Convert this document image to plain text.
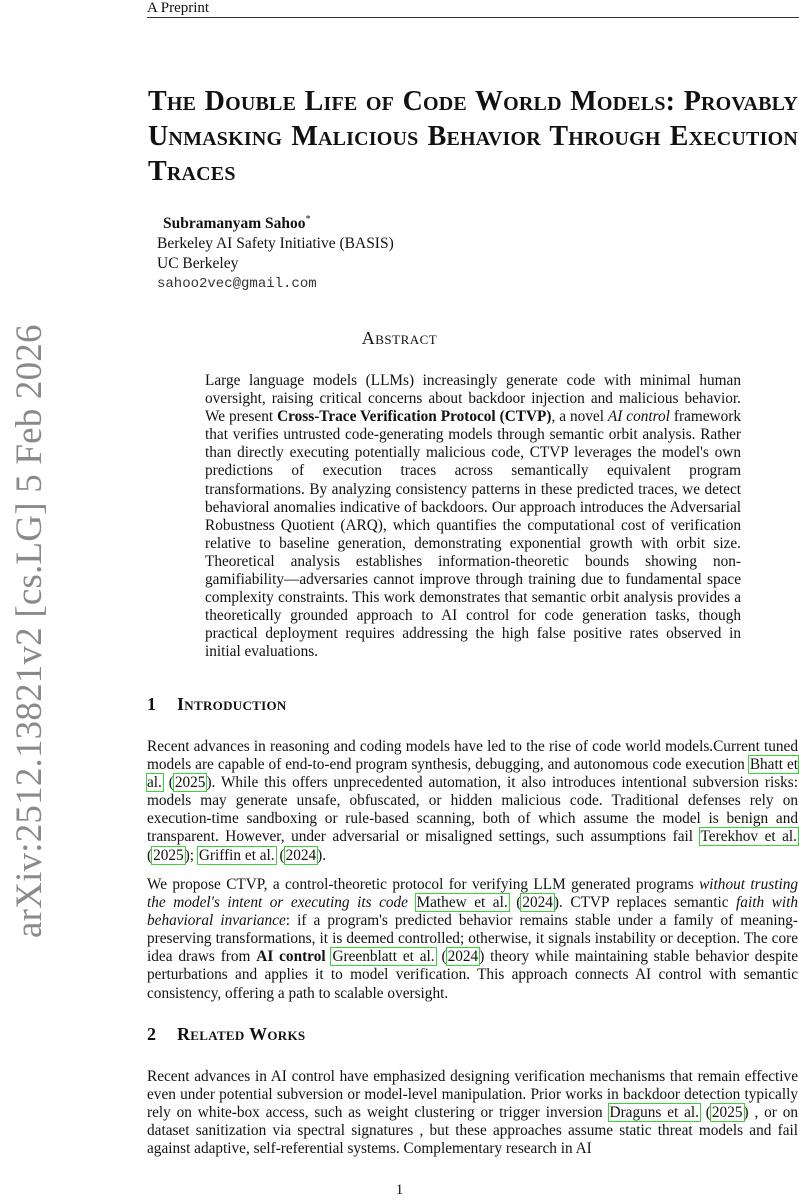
A Preprint
arXiv:2512.13821v2 [cs.LG] 5 Feb 2026
The Double Life of Code World Models: Provably Unmasking Malicious Behavior Through Execution Traces
Subramanyam Sahoo*
Berkeley AI Safety Initiative (BASIS)
UC Berkeley
sahoo2vec@gmail.com
Abstract
Large language models (LLMs) increasingly generate code with minimal human oversight, raising critical concerns about backdoor injection and malicious behavior. We present Cross-Trace Verification Protocol (CTVP), a novel AI control framework that verifies untrusted code-generating models through semantic orbit analysis. Rather than directly executing potentially malicious code, CTVP leverages the model's own predictions of execution traces across semantically equivalent program transformations. By analyzing consistency patterns in these predicted traces, we detect behavioral anomalies indicative of backdoors. Our approach introduces the Adversarial Robustness Quotient (ARQ), which quantifies the computational cost of verification relative to baseline generation, demonstrating exponential growth with orbit size. Theoretical analysis establishes information-theoretic bounds showing non-gamifiability—adversaries cannot improve through training due to fundamental space complexity constraints. This work demonstrates that semantic orbit analysis provides a theoretically grounded approach to AI control for code generation tasks, though practical deployment requires addressing the high false positive rates observed in initial evaluations.
1 Introduction

Recent advances in reasoning and coding models have led to the rise of code world models.Current tuned models are capable of end-to-end program synthesis, debugging, and autonomous code execution Bhatt et al. (2025). While this offers unprecedented automation, it also introduces intentional subversion risks: models may generate unsafe, obfuscated, or hidden malicious code. Traditional defenses rely on execution-time sandboxing or rule-based scanning, both of which assume the model is benign and transparent. However, under adversarial or misaligned settings, such assumptions fail Terekhov et al. (2025); Griffin et al. (2024).

We propose CTVP, a control-theoretic protocol for verifying LLM generated programs without trusting the model's intent or executing its code Mathew et al. (2024). CTVP replaces semantic faith with behavioral invariance: if a program's predicted behavior remains stable under a family of meaning-preserving transformations, it is deemed controlled; otherwise, it signals instability or deception. The core idea draws from AI control Greenblatt et al. (2024) theory while maintaining stable behavior despite perturbations and applies it to model verification. This approach connects AI control with semantic consistency, offering a path to scalable oversight.

2 Related Works

Recent advances in AI control have emphasized designing verification mechanisms that remain effective even under potential subversion or model-level manipulation. Prior works in backdoor detection typically rely on white-box access, such as weight clustering or trigger inversion Draguns et al. (2025) , or on dataset sanitization via spectral signatures , but these approaches assume static threat models and fail against adaptive, self-referential systems. Complementary research in AI

1
